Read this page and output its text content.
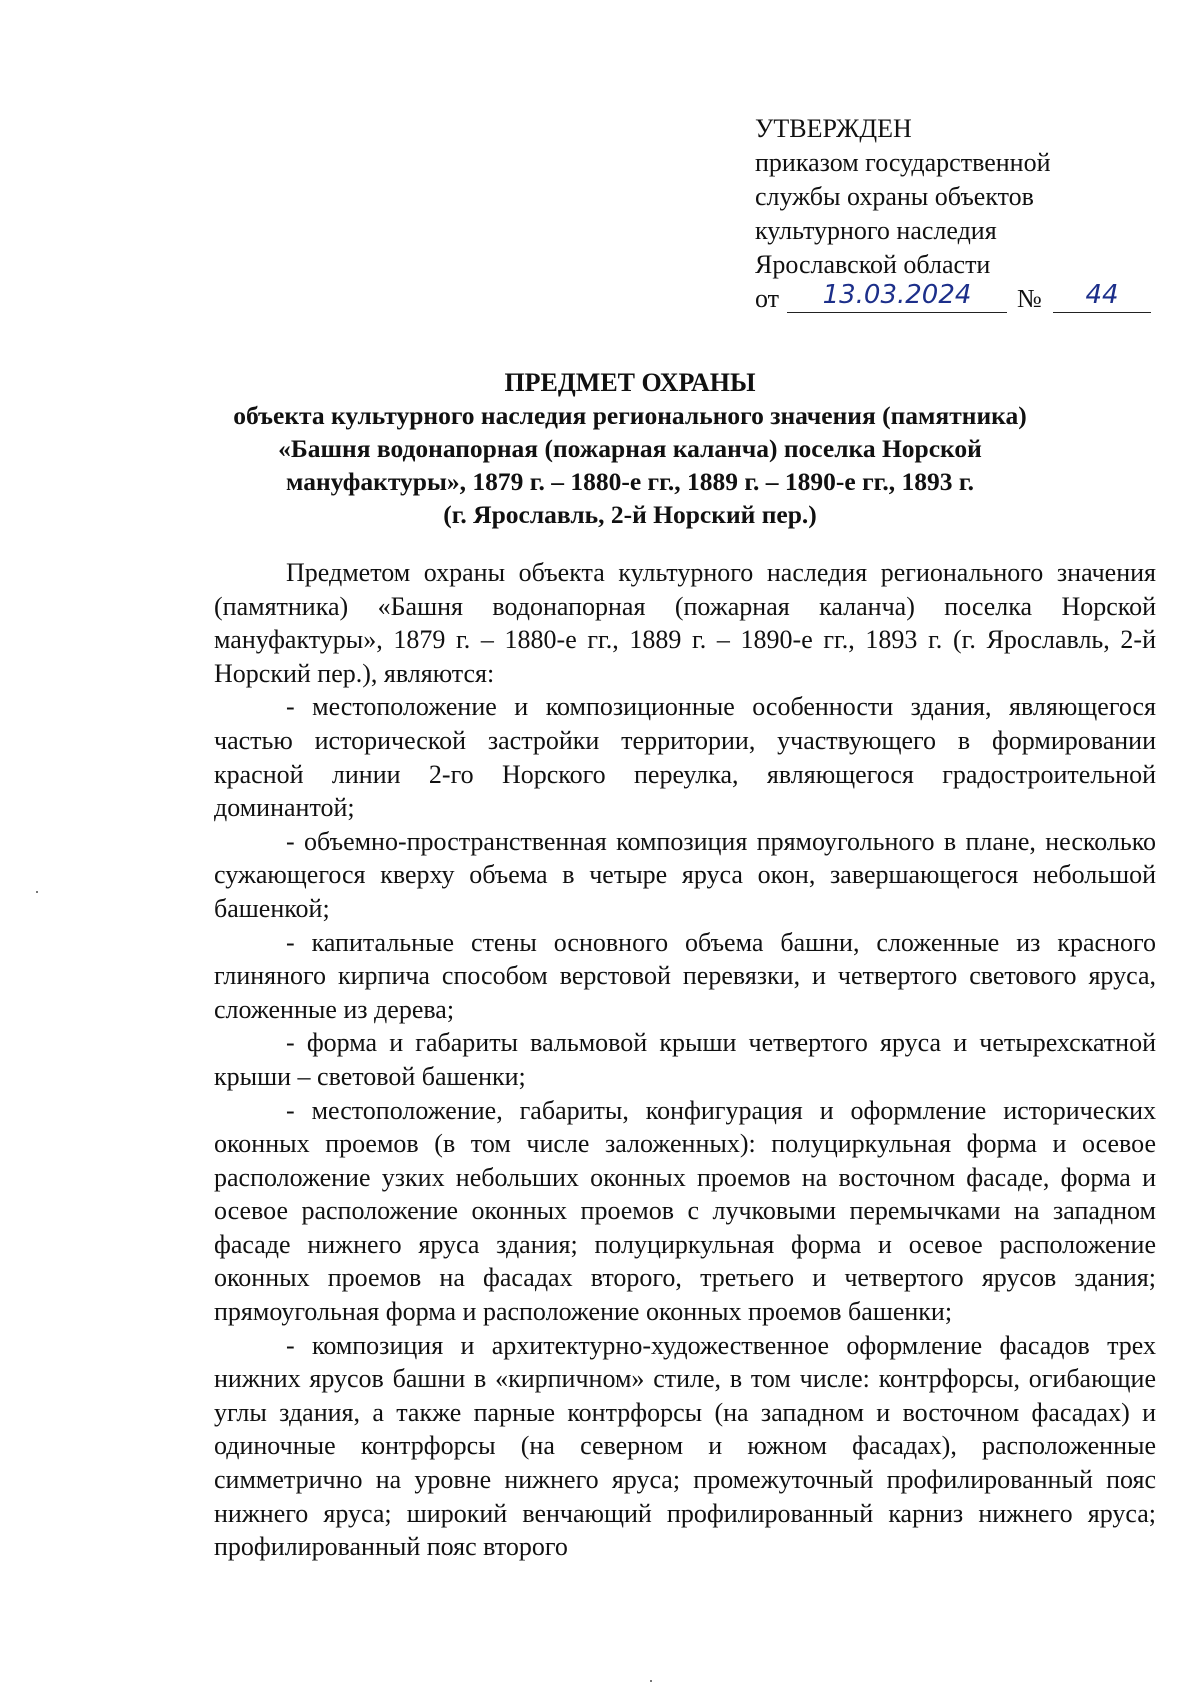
УТВЕРЖДЕН
приказом государственной
службы охраны объектов
культурного наследия
Ярославской области
от	13.03.2024	№	44
ПРЕДМЕТ ОХРАНЫ
объекта культурного наследия регионального значения (памятника)
«Башня водонапорная (пожарная каланча) поселка Норской
мануфактуры», 1879 г. – 1880-е гг., 1889 г. – 1890-е гг., 1893 г.
(г. Ярославль, 2-й Норский пер.)

Предметом охраны объекта культурного наследия регионального значения (памятника) «Башня водонапорная (пожарная каланча) поселка Норской мануфактуры», 1879 г. – 1880-е гг., 1889 г. – 1890-е гг., 1893 г. (г. Ярославль, 2-й Норский пер.), являются:

- местоположение и композиционные особенности здания, являющегося частью исторической застройки территории, участвующего в формировании красной линии 2-го Норского переулка, являющегося градостроительной доминантой;

- объемно-пространственная композиция прямоугольного в плане, несколько сужающегося кверху объема в четыре яруса окон, завершающегося небольшой башенкой;

- капитальные стены основного объема башни, сложенные из красного глиняного кирпича способом верстовой перевязки, и четвертого светового яруса, сложенные из дерева;

- форма и габариты вальмовой крыши четвертого яруса и четырехскатной крыши – световой башенки;

- местоположение, габариты, конфигурация и оформление исторических оконных проемов (в том числе заложенных): полуциркульная форма и осевое расположение узких небольших оконных проемов на восточном фасаде, форма и осевое расположение оконных проемов с лучковыми перемычками на западном фасаде нижнего яруса здания; полуциркульная форма и осевое расположение оконных проемов на фасадах второго, третьего и четвертого ярусов здания; прямоугольная форма и расположение оконных проемов башенки;

- композиция и архитектурно-художественное оформление фасадов трех нижних ярусов башни в «кирпичном» стиле, в том числе: контрфорсы, огибающие углы здания, а также парные контрфорсы (на западном и восточном фасадах) и одиночные контрфорсы (на северном и южном фасадах), расположенные симметрично на уровне нижнего яруса; промежуточный профилированный пояс нижнего яруса; широкий венчающий профилированный карниз нижнего яруса; профилированный пояс второго
